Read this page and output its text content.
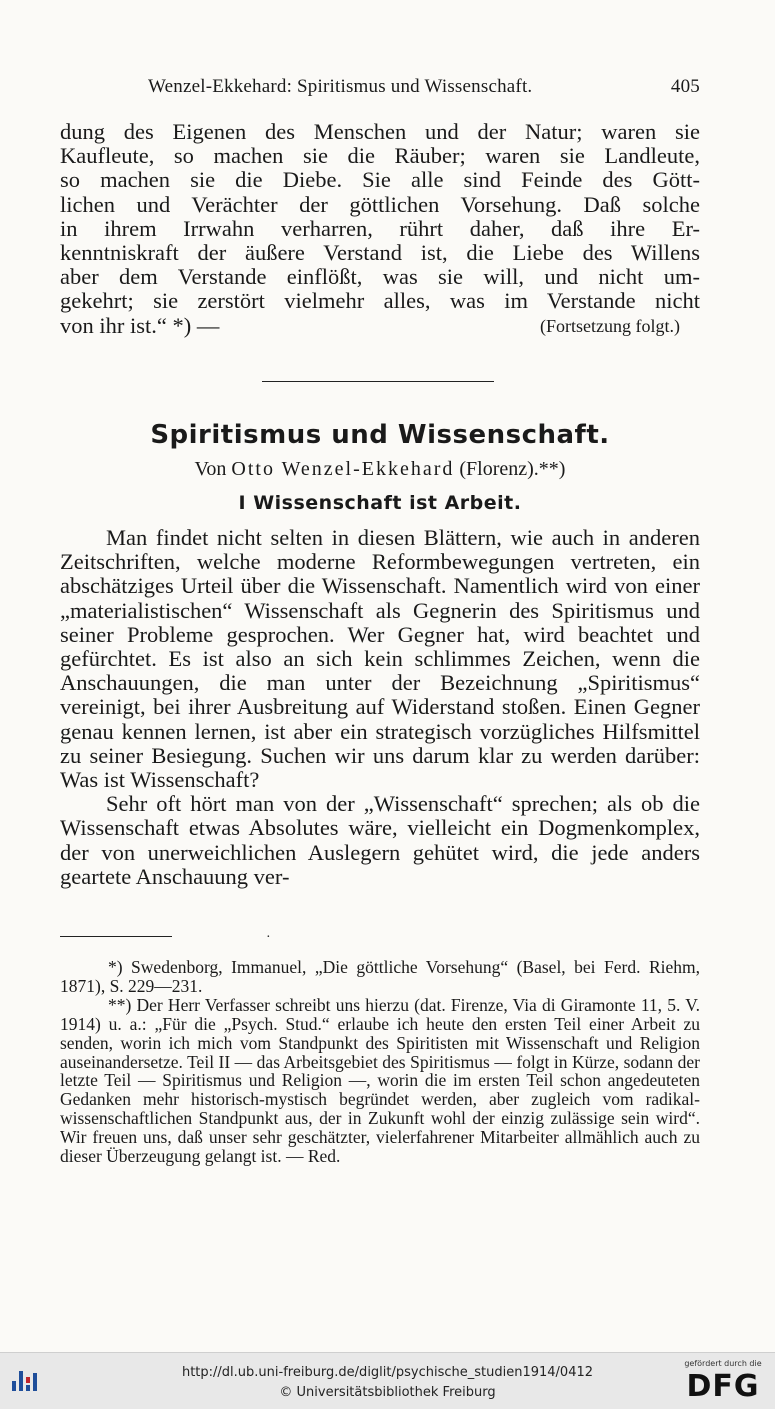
Wenzel-Ekkehard: Spiritismus und Wissenschaft.	405

dung des Eigenen des Menschen und der Natur; waren sie
Kaufleute, so machen sie die Räuber; waren sie Landleute,
so machen sie die Diebe. Sie alle sind Feinde des Gött-
lichen und Verächter der göttlichen Vorsehung. Daß solche
in ihrem Irrwahn verharren, rührt daher, daß ihre Er-
kenntniskraft der äußere Verstand ist, die Liebe des Willens
aber dem Verstande einflößt, was sie will, und nicht um-
gekehrt; sie zerstört vielmehr alles, was im Verstande nicht

von ihr ist.“ *) —	(Fortsetzung folgt.)
Spiritismus und Wissenschaft.
Von Otto Wenzel-Ekkehard (Florenz).**)
I Wissenschaft ist Arbeit.

Man findet nicht selten in diesen Blättern, wie auch in anderen Zeitschriften, welche moderne Reformbewegungen vertreten, ein abschätziges Urteil über die Wissenschaft. Namentlich wird von einer „materialistischen“ Wissenschaft als Gegnerin des Spiritismus und seiner Probleme gesprochen. Wer Gegner hat, wird beachtet und gefürchtet. Es ist also an sich kein schlimmes Zeichen, wenn die Anschauungen, die man unter der Bezeichnung „Spiritismus“ vereinigt, bei ihrer Ausbreitung auf Widerstand stoßen. Einen Gegner genau kennen lernen, ist aber ein strategisch vorzügliches Hilfsmittel zu seiner Besiegung. Suchen wir uns darum klar zu werden darüber: Was ist Wissenschaft?

Sehr oft hört man von der „Wissenschaft“ sprechen; als ob die Wissenschaft etwas Absolutes wäre, vielleicht ein Dogmenkomplex, der von unerweichlichen Auslegern gehütet wird, die jede anders geartete Anschauung ver-

·

*) Swedenborg, Immanuel, „Die göttliche Vorsehung“ (Basel, bei Ferd. Riehm, 1871), S. 229—231.

**) Der Herr Verfasser schreibt uns hierzu (dat. Firenze, Via di Giramonte 11, 5. V. 1914) u. a.: „Für die „Psych. Stud.“ erlaube ich heute den ersten Teil einer Arbeit zu senden, worin ich mich vom Standpunkt des Spiritisten mit Wissenschaft und Religion auseinandersetze. Teil II — das Arbeitsgebiet des Spiritismus — folgt in Kürze, sodann der letzte Teil — Spiritismus und Religion —, worin die im ersten Teil schon angedeuteten Gedanken mehr historisch-mystisch begründet werden, aber zugleich vom radikal-wissenschaftlichen Standpunkt aus, der in Zukunft wohl der einzig zulässige sein wird“. Wir freuen uns, daß unser sehr geschätzter, vielerfahrener Mitarbeiter allmählich auch zu dieser Überzeugung gelangt ist. — Red.

http://dl.ub.uni-freiburg.de/diglit/psychische_studien1914/0412
© Universitätsbibliothek Freiburg
gefördert durch die
DFG
